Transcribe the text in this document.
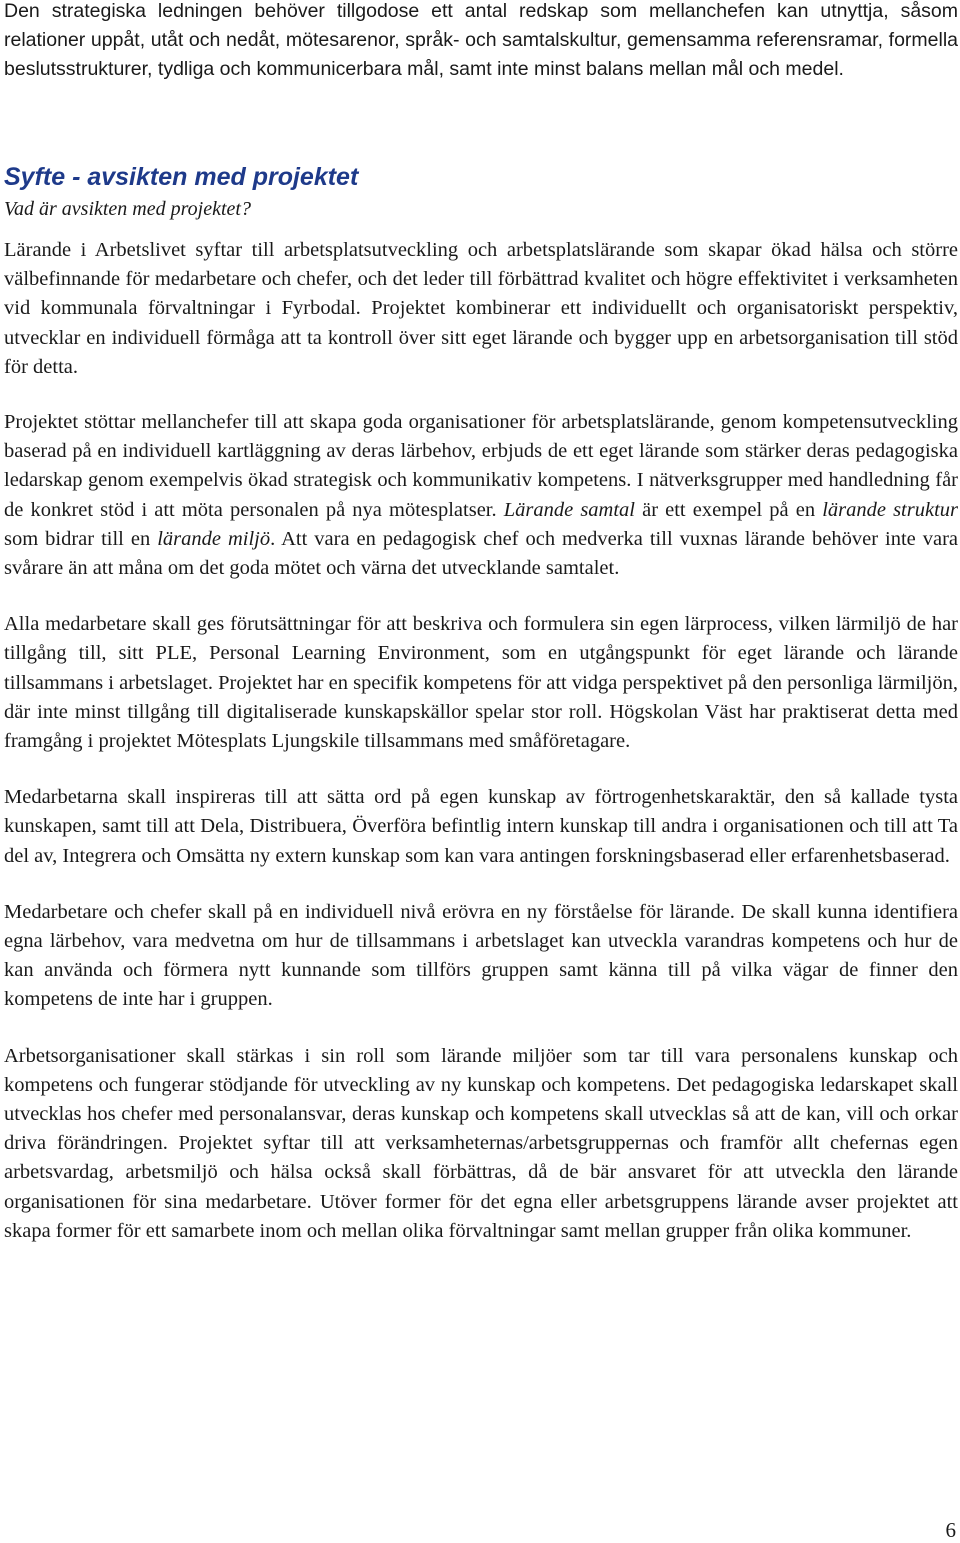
Den strategiska ledningen behöver tillgodose ett antal redskap som mellanchefen kan utnyttja, såsom relationer uppåt, utåt och nedåt, mötesarenor, språk- och samtalskultur, gemensamma referensramar, formella beslutsstrukturer, tydliga och kommunicerbara mål, samt inte minst balans mellan mål och medel.

Syfte - avsikten med projektet

Vad är avsikten med projektet?

Lärande i Arbetslivet syftar till arbetsplatsutveckling och arbetsplatslärande som skapar ökad hälsa och större välbefinnande för medarbetare och chefer, och det leder till förbättrad kvalitet och högre effektivitet i verksamheten vid kommunala förvaltningar i Fyrbodal. Projektet kombinerar ett individuellt och organisatoriskt perspektiv, utvecklar en individuell förmåga att ta kontroll över sitt eget lärande och bygger upp en arbetsorganisation till stöd för detta.

Projektet stöttar mellanchefer till att skapa goda organisationer för arbetsplatslärande, genom kompetensutveckling baserad på en individuell kartläggning av deras lärbehov, erbjuds de ett eget lärande som stärker deras pedagogiska ledarskap genom exempelvis ökad strategisk och kommunikativ kompetens. I nätverksgrupper med handledning får de konkret stöd i att möta personalen på nya mötesplatser. Lärande samtal är ett exempel på en lärande struktur som bidrar till en lärande miljö. Att vara en pedagogisk chef och medverka till vuxnas lärande behöver inte vara svårare än att måna om det goda mötet och värna det utvecklande samtalet.

Alla medarbetare skall ges förutsättningar för att beskriva och formulera sin egen lärprocess, vilken lärmiljö de har tillgång till, sitt PLE, Personal Learning Environment, som en utgångspunkt för eget lärande och lärande tillsammans i arbetslaget. Projektet har en specifik kompetens för att vidga perspektivet på den personliga lärmiljön, där inte minst tillgång till digitaliserade kunskapskällor spelar stor roll. Högskolan Väst har praktiserat detta med framgång i projektet Mötesplats Ljungskile tillsammans med småföretagare.

Medarbetarna skall inspireras till att sätta ord på egen kunskap av förtrogenhetskaraktär, den så kallade tysta kunskapen, samt till att Dela, Distribuera, Överföra befintlig intern kunskap till andra i organisationen och till att Ta del av, Integrera och Omsätta ny extern kunskap som kan vara antingen forskningsbaserad eller erfarenhetsbaserad.

Medarbetare och chefer skall på en individuell nivå erövra en ny förståelse för lärande. De skall kunna identifiera egna lärbehov, vara medvetna om hur de tillsammans i arbetslaget kan utveckla varandras kompetens och hur de kan använda och förmera nytt kunnande som tillförs gruppen samt känna till på vilka vägar de finner den kompetens de inte har i gruppen.

Arbetsorganisationer skall stärkas i sin roll som lärande miljöer som tar till vara personalens kunskap och kompetens och fungerar stödjande för utveckling av ny kunskap och kompetens. Det pedagogiska ledarskapet skall utvecklas hos chefer med personalansvar, deras kunskap och kompetens skall utvecklas så att de kan, vill och orkar driva förändringen. Projektet syftar till att verksamheternas/arbetsgruppernas och framför allt chefernas egen arbetsvardag, arbetsmiljö och hälsa också skall förbättras, då de bär ansvaret för att utveckla den lärande organisationen för sina medarbetare. Utöver former för det egna eller arbetsgruppens lärande avser projektet att skapa former för ett samarbete inom och mellan olika förvaltningar samt mellan grupper från olika kommuner.

6
